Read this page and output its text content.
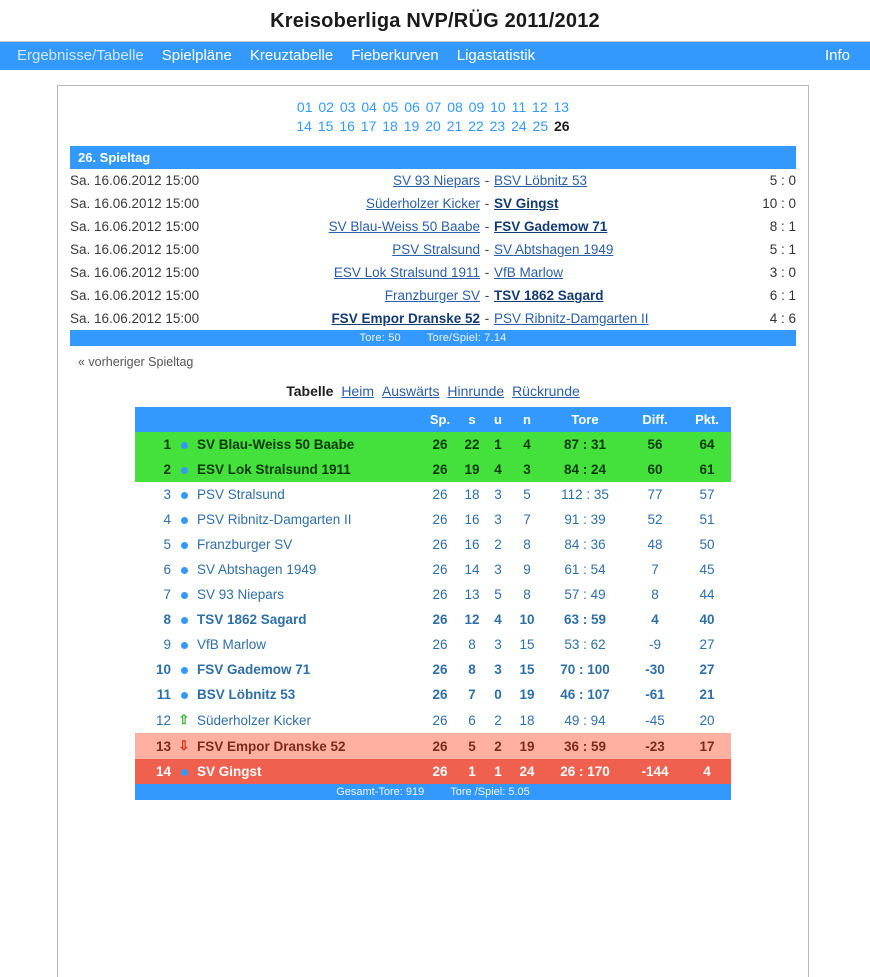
Kreisoberliga NVP/RÜG 2011/2012
Ergebnisse/Tabelle	Spielpläne	Kreuztabelle	Fieberkurven	Ligastatistik	Info
01 02 03 04 05 06 07 08 09 10 11 12 13
14 15 16 17 18 19 20 21 22 23 24 25 26
26. Spieltag
Sa. 16.06.2012 15:00	SV 93 Niepars	-	BSV Löbnitz 53	5 : 0
Sa. 16.06.2012 15:00	Süderholzer Kicker	-	SV Gingst	10 : 0
Sa. 16.06.2012 15:00	SV Blau-Weiss 50 Baabe	-	FSV Gademow 71	8 : 1
Sa. 16.06.2012 15:00	PSV Stralsund	-	SV Abtshagen 1949	5 : 1
Sa. 16.06.2012 15:00	ESV Lok Stralsund 1911	-	VfB Marlow	3 : 0
Sa. 16.06.2012 15:00	Franzburger SV	-	TSV 1862 Sagard	6 : 1
Sa. 16.06.2012 15:00	FSV Empor Dranske 52	-	PSV Ribnitz-Damgarten II	4 : 6
Tore: 50 Tore/Spiel: 7.14
« vorheriger Spieltag
Tabelle Heim Auswärts Hinrunde Rückrunde
			Sp.	s	u	n	Tore	Diff.	Pkt.
1		SV Blau-Weiss 50 Baabe	26	22	1	4	87 : 31	56	64
2		ESV Lok Stralsund 1911	26	19	4	3	84 : 24	60	61
3		PSV Stralsund	26	18	3	5	112 : 35	77	57
4		PSV Ribnitz-Damgarten II	26	16	3	7	91 : 39	52	51
5		Franzburger SV	26	16	2	8	84 : 36	48	50
6		SV Abtshagen 1949	26	14	3	9	61 : 54	7	45
7		SV 93 Niepars	26	13	5	8	57 : 49	8	44
8		TSV 1862 Sagard	26	12	4	10	63 : 59	4	40
9		VfB Marlow	26	8	3	15	53 : 62	-9	27
10		FSV Gademow 71	26	8	3	15	70 : 100	-30	27
11		BSV Löbnitz 53	26	7	0	19	46 : 107	-61	21
12	⇧	Süderholzer Kicker	26	6	2	18	49 : 94	-45	20
13	⇩	FSV Empor Dranske 52	26	5	2	19	36 : 59	-23	17
14		SV Gingst	26	1	1	24	26 : 170	-144	4
Gesamt-Tore: 919 Tore /Spiel: 5.05
